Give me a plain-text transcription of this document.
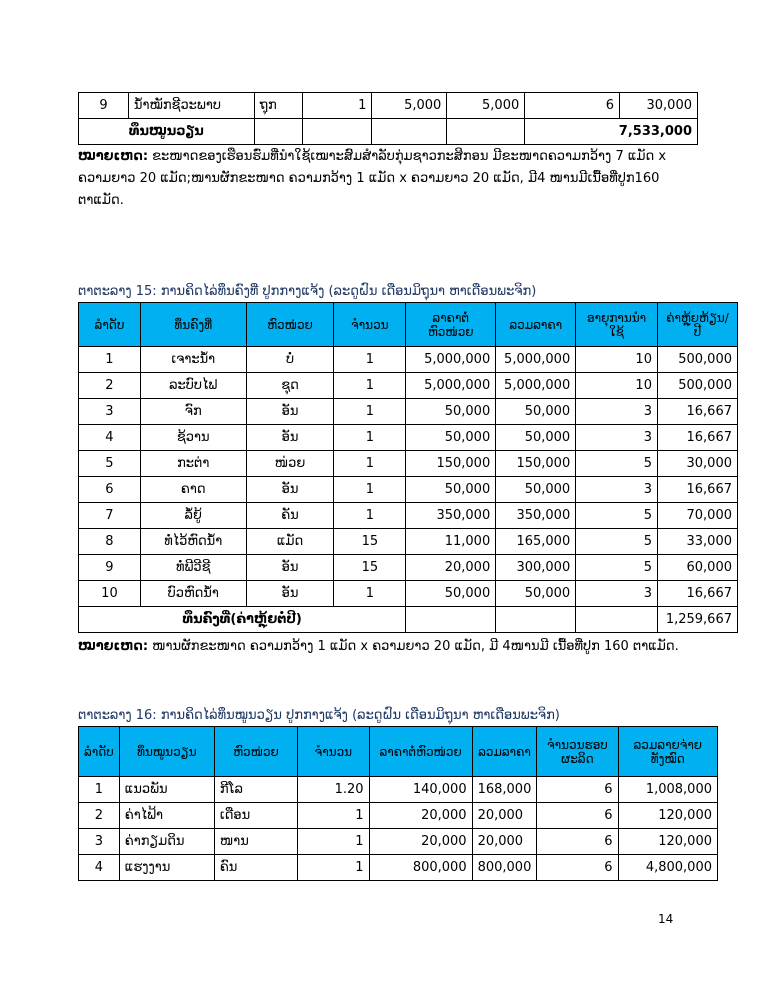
9	ນ້ຳໝັກຊີວະພາບ	ຖຸກ	1	5,000	5,000	6	30,000
ທຶນໝູນວຽນ						7,533,000	
ໝາຍເຫດ: ຂະໜາດຂອງເຮືອນຮົ່ມທີ່ນຳໃຊ້ເໝາະສົມສຳລັບກຸ່ມຊາວກະສິກອນ ມີຂະໜາດຄວາມກວ້າງ 7 ແມັດ x ຄວາມຍາວ 20 ແມັດ;ໜານຜັກຂະໜາດ ຄວາມກວ້າງ 1 ແມັດ x ຄວາມຍາວ 20 ແມັດ, ມີ4 ໜານມີເນື້ອທີ່ປູກ160 ຕາແມັດ.
ຕາຕະລາງ 15: ການຄິດໄລ່ທຶນຄົງທີ່ ປູກກາງແຈ້ງ (ລະດູຝົນ ເດືອນມິຖຸນາ ຫາເດືອນພະຈິກ)
ລຳດັບ	ທຶນຄົງທີ່	ຫົວໜ່ວຍ	ຈຳນວນ	ລາຄາຕໍ່ຫົວໜ່ວຍ	ລວມລາຄາ	ອາຍຸການນຳໃຊ້	ຄ່າຫຼຸ້ຍຫ້ຽນ/ປີ
1	ເຈາະນ້ຳ	ບໍ່	1	5,000,000	5,000,000	10	500,000
2	ລະບົບໄຟ	ຊຸດ	1	5,000,000	5,000,000	10	500,000
3	ຈົກ	ອັນ	1	50,000	50,000	3	16,667
4	ຊ້ວານ	ອັນ	1	50,000	50,000	3	16,667
5	ກະຕ່າ	ໜ່ວຍ	1	150,000	150,000	5	30,000
6	ຄາດ	ອັນ	1	50,000	50,000	3	16,667
7	ລໍ້ຍູ້	ຄັນ	1	350,000	350,000	5	70,000
8	ທໍ່ໄວ້ຫົດນ້ຳ	ແມັດ	15	11,000	165,000	5	33,000
9	ທໍ່ພີວີຊີ	ອັນ	15	20,000	300,000	5	60,000
10	ບົວຫົດນ້ຳ	ອັນ	1	50,000	50,000	3	16,667
ທຶນຄົງທີ່(ຄ່າຫຼຸ້ຍຕໍ່ປີ)							1,259,667
ໝາຍເຫດ: ໜານຜັກຂະໜາດ ຄວາມກວ້າງ 1 ແມັດ x ຄວາມຍາວ 20 ແມັດ, ມີ 4ໜານມີ ເນື້ອທີ່ປູກ 160 ຕາແມັດ.
ຕາຕະລາງ 16: ການຄິດໄລ່ທຶນໝູນວຽນ ປູກກາງແຈ້ງ (ລະດູຝົນ ເດືອນມິຖຸນາ ຫາເດືອນພະຈິກ)
ລຳດັບ	ທຶນໝູນວຽນ	ຫົວໜ່ວຍ	ຈຳນວນ	ລາຄາຕໍ່ຫົວໜ່ວຍ	ລວມລາຄາ	ຈຳນວນຮອບຜະລິດ	ລວມລາຍຈ່າຍທັງໝົດ
1	ແນວພັນ	ກີໂລ	1.20	140,000	168,000	6	1,008,000
2	ຄ່າໄຟ້າ	ເດືອນ	1	20,000	20,000	6	120,000
3	ຄ່າກຽມດິນ	ໜານ	1	20,000	20,000	6	120,000
4	ແຮງງານ	ຄົນ	1	800,000	800,000	6	4,800,000
14
